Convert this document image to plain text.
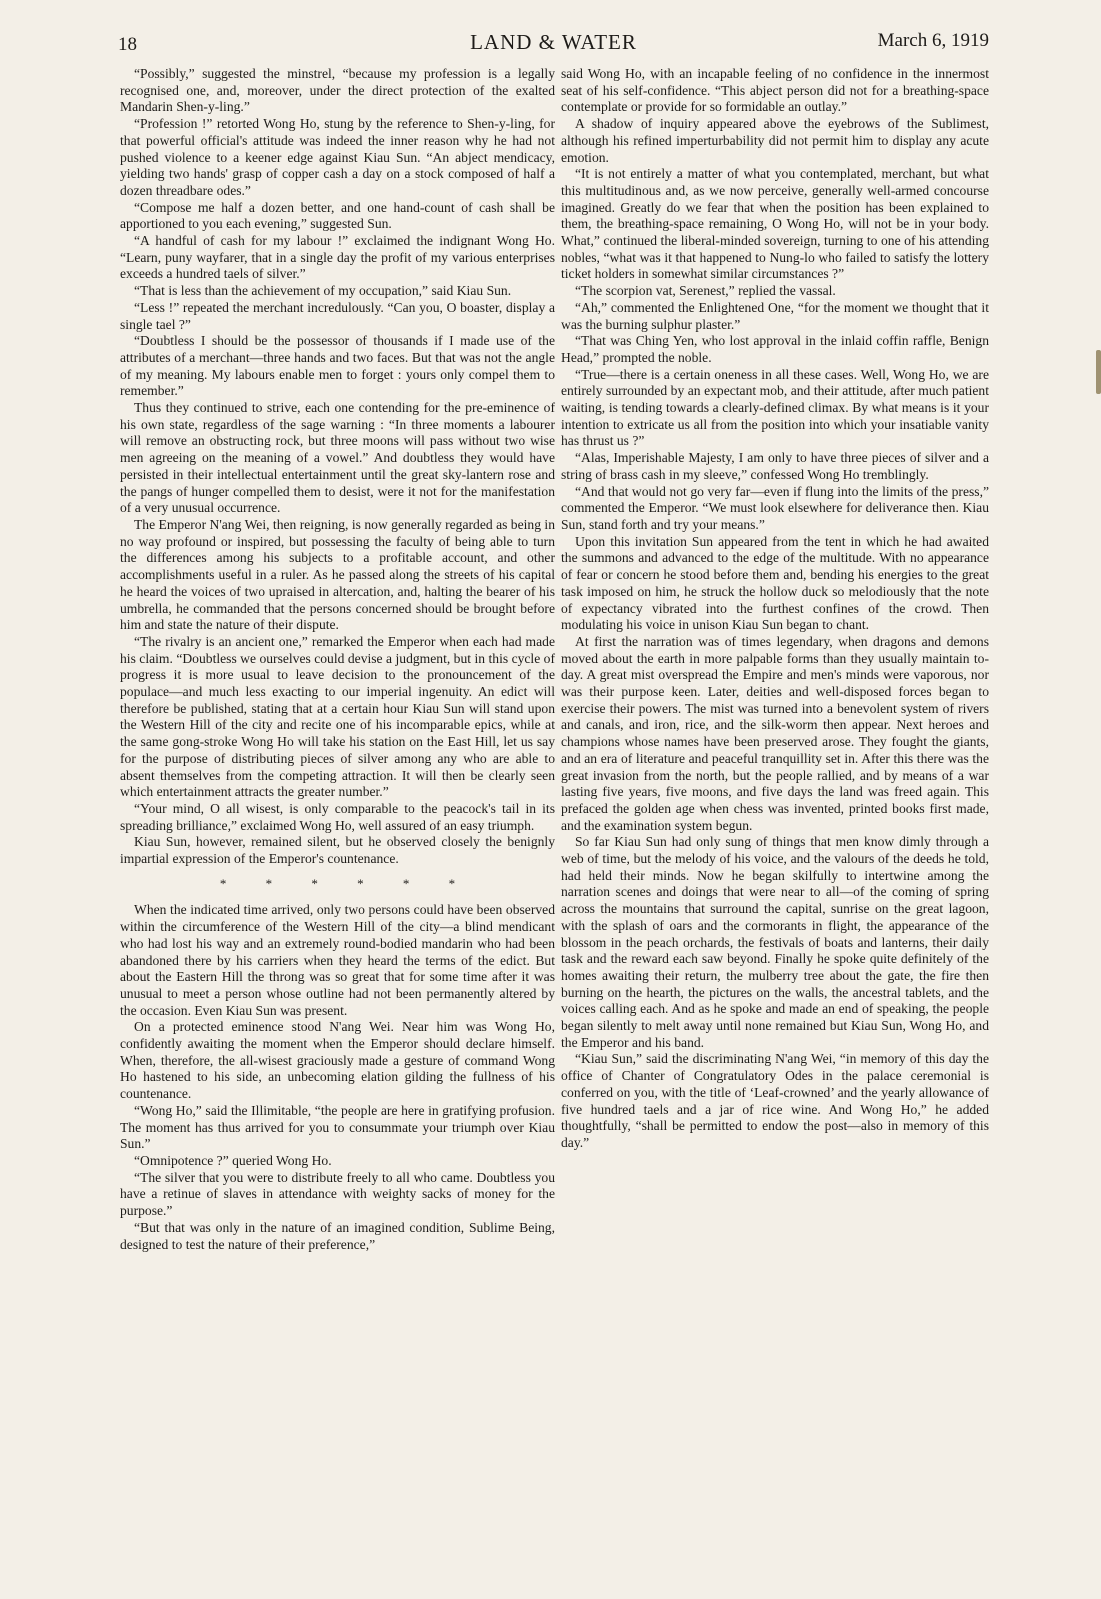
18	LAND & WATER	March 6, 1919

“Possibly,” suggested the minstrel, “because my profession is a legally recognised one, and, moreover, under the direct protection of the exalted Mandarin Shen-y-ling.”

“Profession !” retorted Wong Ho, stung by the reference to Shen-y-ling, for that powerful official's attitude was indeed the inner reason why he had not pushed violence to a keener edge against Kiau Sun. “An abject mendicacy, yielding two hands' grasp of copper cash a day on a stock composed of half a dozen threadbare odes.”

“Compose me half a dozen better, and one hand-count of cash shall be apportioned to you each evening,” suggested Sun.

“A handful of cash for my labour !” exclaimed the indignant Wong Ho. “Learn, puny wayfarer, that in a single day the profit of my various enterprises exceeds a hundred taels of silver.”

“That is less than the achievement of my occupation,” said Kiau Sun.

“Less !” repeated the merchant incredulously. “Can you, O boaster, display a single tael ?”

“Doubtless I should be the possessor of thousands if I made use of the attributes of a merchant—three hands and two faces. But that was not the angle of my meaning. My labours enable men to forget : yours only compel them to remember.”

Thus they continued to strive, each one contending for the pre-eminence of his own state, regardless of the sage warning : “In three moments a labourer will remove an obstructing rock, but three moons will pass without two wise men agreeing on the meaning of a vowel.” And doubtless they would have persisted in their intellectual entertainment until the great sky-lantern rose and the pangs of hunger compelled them to desist, were it not for the manifestation of a very unusual occurrence.

The Emperor N'ang Wei, then reigning, is now generally regarded as being in no way profound or inspired, but possessing the faculty of being able to turn the differences among his subjects to a profitable account, and other accomplishments useful in a ruler. As he passed along the streets of his capital he heard the voices of two upraised in altercation, and, halting the bearer of his umbrella, he commanded that the persons concerned should be brought before him and state the nature of their dispute.

“The rivalry is an ancient one,” remarked the Emperor when each had made his claim. “Doubtless we ourselves could devise a judgment, but in this cycle of progress it is more usual to leave decision to the pronouncement of the populace—and much less exacting to our imperial ingenuity. An edict will therefore be published, stating that at a certain hour Kiau Sun will stand upon the Western Hill of the city and recite one of his incomparable epics, while at the same gong-stroke Wong Ho will take his station on the East Hill, let us say for the purpose of distributing pieces of silver among any who are able to absent themselves from the competing attraction. It will then be clearly seen which entertainment attracts the greater number.”

“Your mind, O all wisest, is only comparable to the peacock's tail in its spreading brilliance,” exclaimed Wong Ho, well assured of an easy triumph.

Kiau Sun, however, remained silent, but he observed closely the benignly impartial expression of the Emperor's countenance.

* * * * * *

When the indicated time arrived, only two persons could have been observed within the circumference of the Western Hill of the city—a blind mendicant who had lost his way and an extremely round-bodied mandarin who had been abandoned there by his carriers when they heard the terms of the edict. But about the Eastern Hill the throng was so great that for some time after it was unusual to meet a person whose outline had not been permanently altered by the occasion. Even Kiau Sun was present.

On a protected eminence stood N'ang Wei. Near him was Wong Ho, confidently awaiting the moment when the Emperor should declare himself. When, therefore, the all-wisest graciously made a gesture of command Wong Ho hastened to his side, an unbecoming elation gilding the fullness of his countenance.

“Wong Ho,” said the Illimitable, “the people are here in gratifying profusion. The moment has thus arrived for you to consummate your triumph over Kiau Sun.”

“Omnipotence ?” queried Wong Ho.

“The silver that you were to distribute freely to all who came. Doubtless you have a retinue of slaves in attendance with weighty sacks of money for the purpose.”

“But that was only in the nature of an imagined condition, Sublime Being, designed to test the nature of their preference,”

said Wong Ho, with an incapable feeling of no confidence in the innermost seat of his self-confidence. “This abject person did not for a breathing-space contemplate or provide for so formidable an outlay.”

A shadow of inquiry appeared above the eyebrows of the Sublimest, although his refined imperturbability did not permit him to display any acute emotion.

“It is not entirely a matter of what you contemplated, merchant, but what this multitudinous and, as we now perceive, generally well-armed concourse imagined. Greatly do we fear that when the position has been explained to them, the breathing-space remaining, O Wong Ho, will not be in your body. What,” continued the liberal-minded sovereign, turning to one of his attending nobles, “what was it that happened to Nung-lo who failed to satisfy the lottery ticket holders in somewhat similar circumstances ?”

“The scorpion vat, Serenest,” replied the vassal.

“Ah,” commented the Enlightened One, “for the moment we thought that it was the burning sulphur plaster.”

“That was Ching Yen, who lost approval in the inlaid coffin raffle, Benign Head,” prompted the noble.

“True—there is a certain oneness in all these cases. Well, Wong Ho, we are entirely surrounded by an expectant mob, and their attitude, after much patient waiting, is tending towards a clearly-defined climax. By what means is it your intention to extricate us all from the position into which your insatiable vanity has thrust us ?”

“Alas, Imperishable Majesty, I am only to have three pieces of silver and a string of brass cash in my sleeve,” confessed Wong Ho tremblingly.

“And that would not go very far—even if flung into the limits of the press,” commented the Emperor. “We must look elsewhere for deliverance then. Kiau Sun, stand forth and try your means.”

Upon this invitation Sun appeared from the tent in which he had awaited the summons and advanced to the edge of the multitude. With no appearance of fear or concern he stood before them and, bending his energies to the great task imposed on him, he struck the hollow duck so melodiously that the note of expectancy vibrated into the furthest confines of the crowd. Then modulating his voice in unison Kiau Sun began to chant.

At first the narration was of times legendary, when dragons and demons moved about the earth in more palpable forms than they usually maintain to-day. A great mist overspread the Empire and men's minds were vaporous, nor was their purpose keen. Later, deities and well-disposed forces began to exercise their powers. The mist was turned into a benevolent system of rivers and canals, and iron, rice, and the silk-worm then appear. Next heroes and champions whose names have been preserved arose. They fought the giants, and an era of literature and peaceful tranquillity set in. After this there was the great invasion from the north, but the people rallied, and by means of a war lasting five years, five moons, and five days the land was freed again. This prefaced the golden age when chess was invented, printed books first made, and the examination system begun.

So far Kiau Sun had only sung of things that men know dimly through a web of time, but the melody of his voice, and the valours of the deeds he told, had held their minds. Now he began skilfully to intertwine among the narration scenes and doings that were near to all—of the coming of spring across the mountains that surround the capital, sunrise on the great lagoon, with the splash of oars and the cormorants in flight, the appearance of the blossom in the peach orchards, the festivals of boats and lanterns, their daily task and the reward each saw beyond. Finally he spoke quite definitely of the homes awaiting their return, the mulberry tree about the gate, the fire then burning on the hearth, the pictures on the walls, the ancestral tablets, and the voices calling each. And as he spoke and made an end of speaking, the people began silently to melt away until none remained but Kiau Sun, Wong Ho, and the Emperor and his band.

“Kiau Sun,” said the discriminating N'ang Wei, “in memory of this day the office of Chanter of Congratulatory Odes in the palace ceremonial is conferred on you, with the title of ‘Leaf-crowned’ and the yearly allowance of five hundred taels and a jar of rice wine. And Wong Ho,” he added thoughtfully, “shall be permitted to endow the post—also in memory of this day.”
